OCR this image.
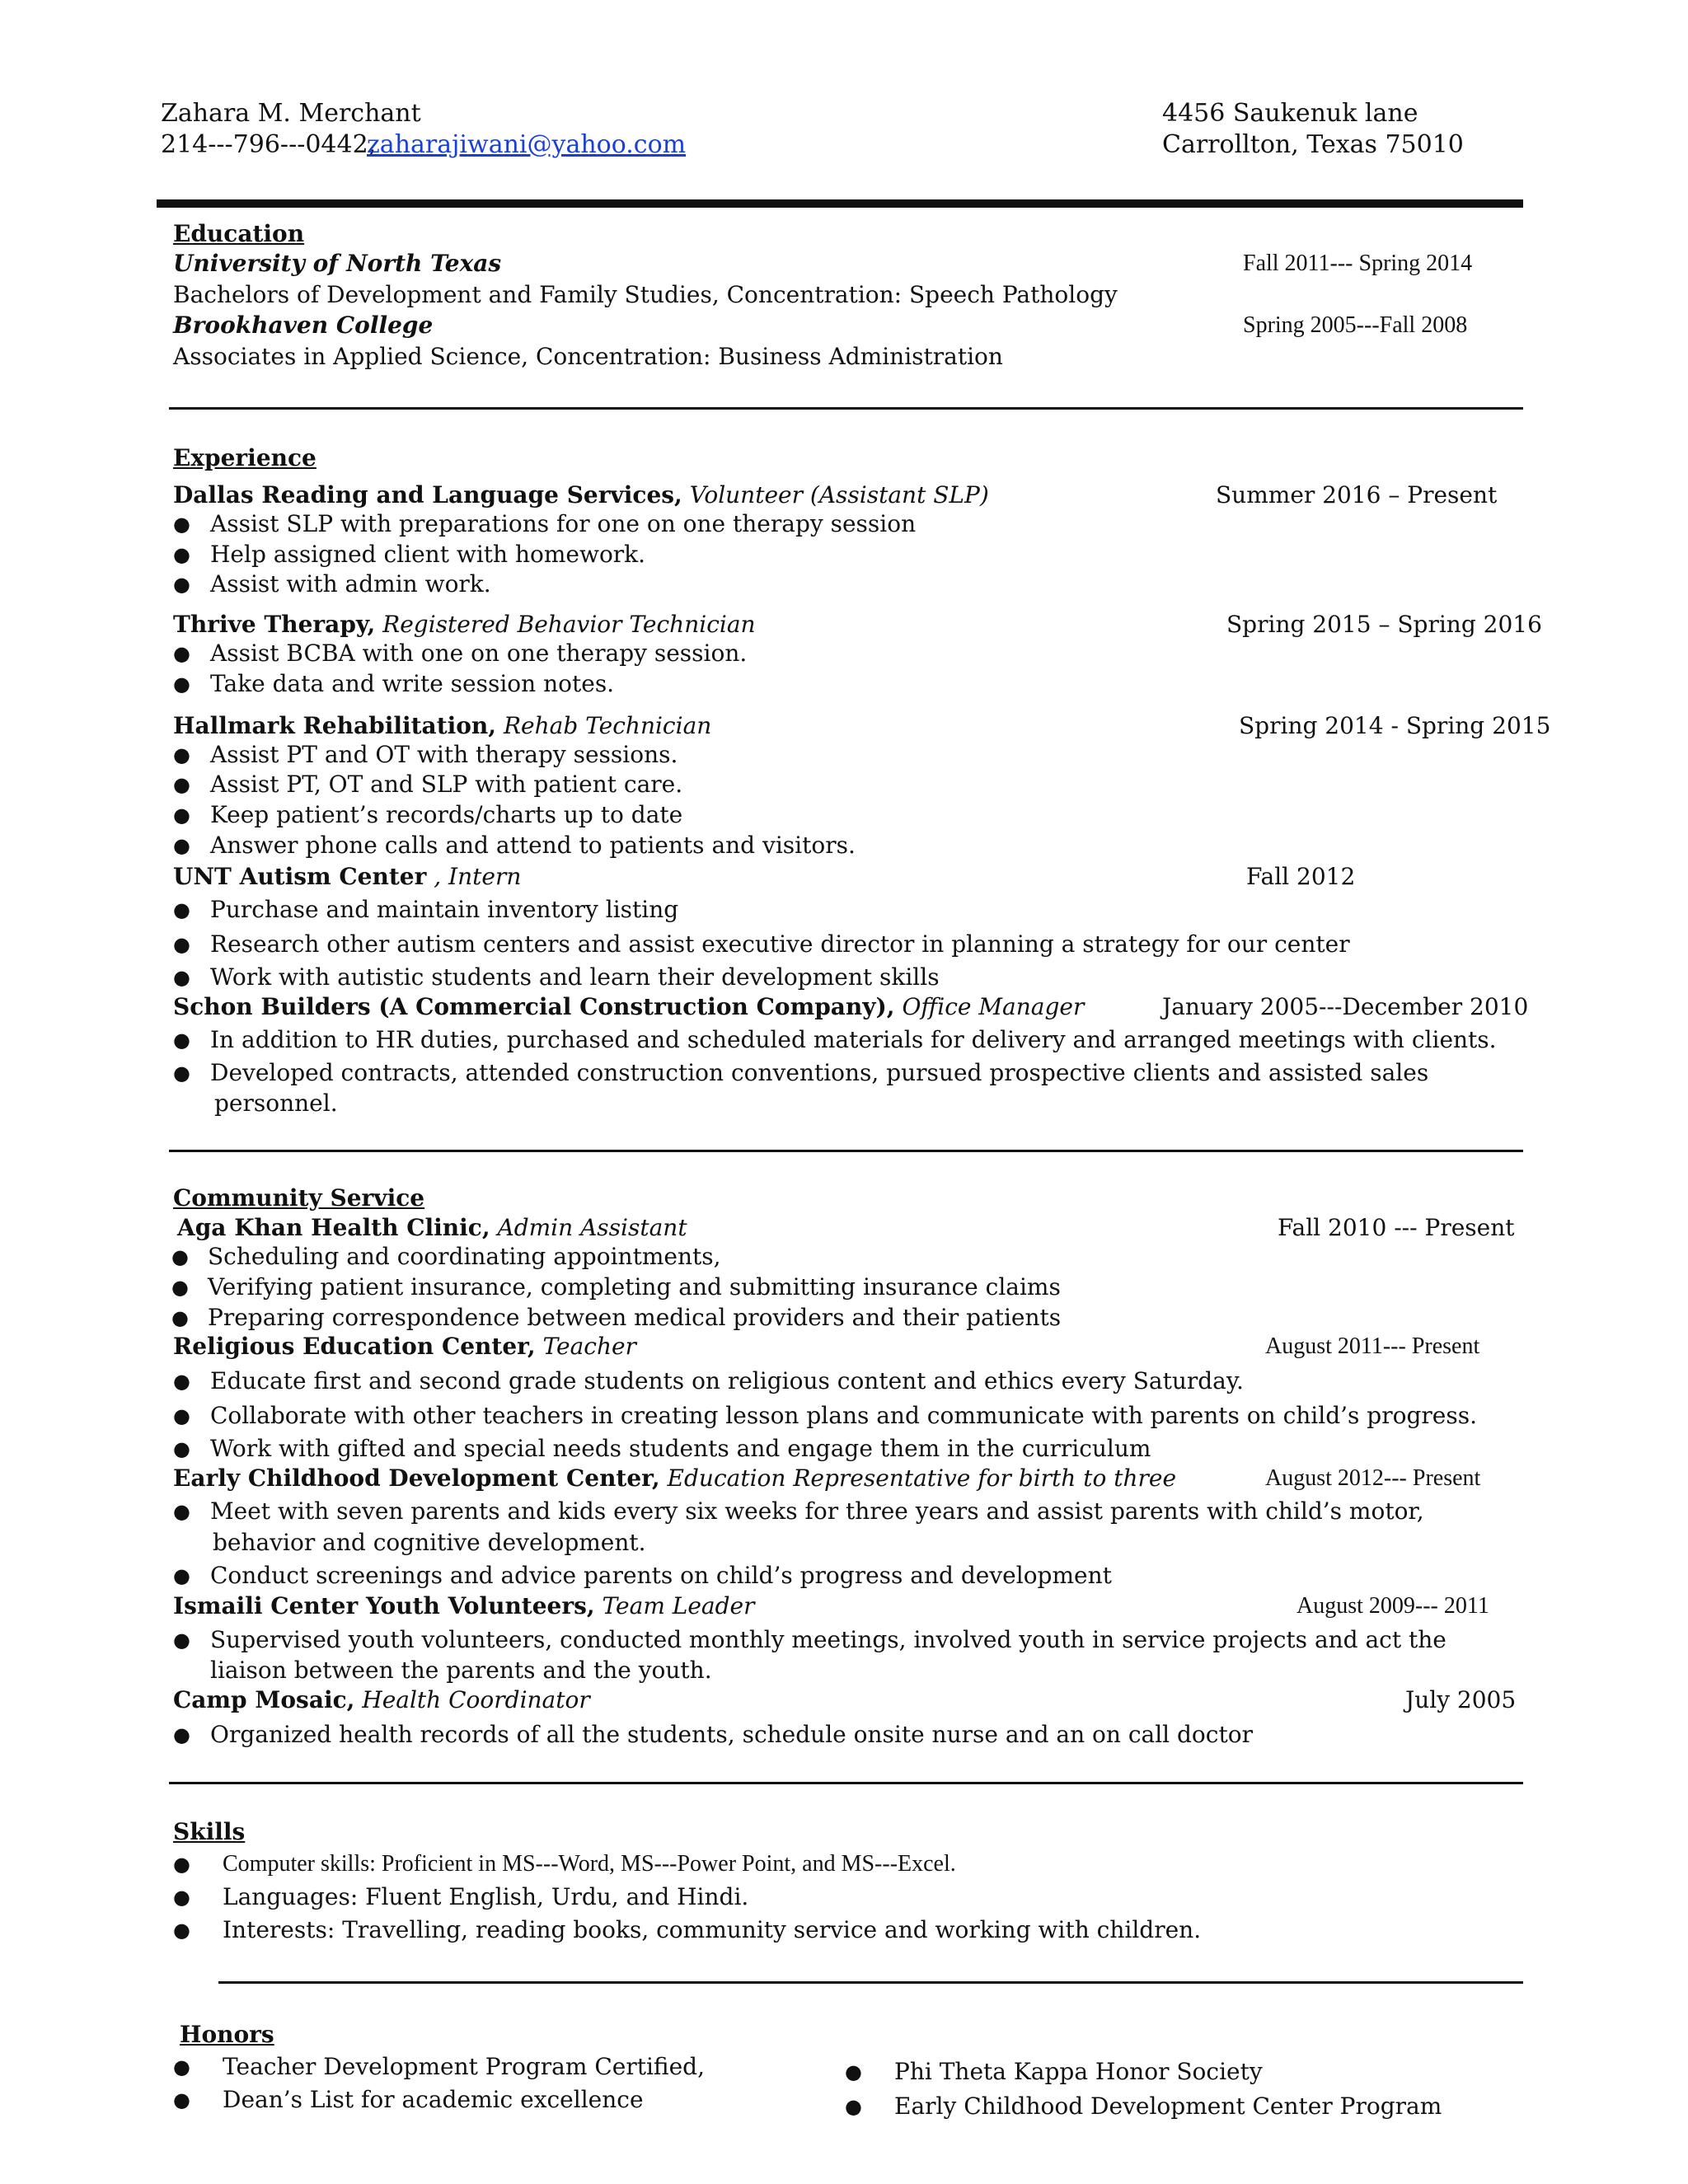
Zahara M. Merchant
214---796---0442,
zaharajiwani@yahoo.com
4456 Saukenuk lane
Carrollton, Texas 75010
Education
University of North Texas	Fall 2011--- Spring 2014
Bachelors of Development and Family Studies, Concentration: Speech Pathology
Brookhaven College	Spring 2005---Fall 2008
Associates in Applied Science, Concentration: Business Administration
Experience
Dallas Reading and Language Services, Volunteer (Assistant SLP)	Summer 2016 – Present
● Assist SLP with preparations for one on one therapy session
● Help assigned client with homework.
● Assist with admin work.
Thrive Therapy, Registered Behavior Technician	Spring 2015 – Spring 2016
● Assist BCBA with one on one therapy session.
● Take data and write session notes.
Hallmark Rehabilitation, Rehab Technician	Spring 2014 - Spring 2015
● Assist PT and OT with therapy sessions.
● Assist PT, OT and SLP with patient care.
● Keep patient’s records/charts up to date
● Answer phone calls and attend to patients and visitors.
UNT Autism Center , Intern	Fall 2012
● Purchase and maintain inventory listing
● Research other autism centers and assist executive director in planning a strategy for our center
● Work with autistic students and learn their development skills
Schon Builders (A Commercial Construction Company), Office Manager	January 2005---December 2010
● In addition to HR duties, purchased and scheduled materials for delivery and arranged meetings with clients.
● Developed contracts, attended construction conventions, pursued prospective clients and assisted sales
personnel.
Community Service
Aga Khan Health Clinic, Admin Assistant	Fall 2010 --- Present
● Scheduling and coordinating appointments,
● Verifying patient insurance, completing and submitting insurance claims
● Preparing correspondence between medical providers and their patients
Religious Education Center, Teacher	August 2011--- Present
● Educate first and second grade students on religious content and ethics every Saturday.
● Collaborate with other teachers in creating lesson plans and communicate with parents on child’s progress.
● Work with gifted and special needs students and engage them in the curriculum
Early Childhood Development Center, Education Representative for birth to three	August 2012--- Present
● Meet with seven parents and kids every six weeks for three years and assist parents with child’s motor,
behavior and cognitive development.
● Conduct screenings and advice parents on child’s progress and development
Ismaili Center Youth Volunteers, Team Leader	August 2009--- 2011
● Supervised youth volunteers, conducted monthly meetings, involved youth in service projects and act the
liaison between the parents and the youth.
Camp Mosaic, Health Coordinator	July 2005
● Organized health records of all the students, schedule onsite nurse and an on call doctor
Skills
● Computer skills: Proficient in MS---Word, MS---Power Point, and MS---Excel.
● Languages: Fluent English, Urdu, and Hindi.
● Interests: Travelling, reading books, community service and working with children.
Honors
● Teacher Development Program Certified,
● Dean’s List for academic excellence
● Phi Theta Kappa Honor Society
● Early Childhood Development Center Program
